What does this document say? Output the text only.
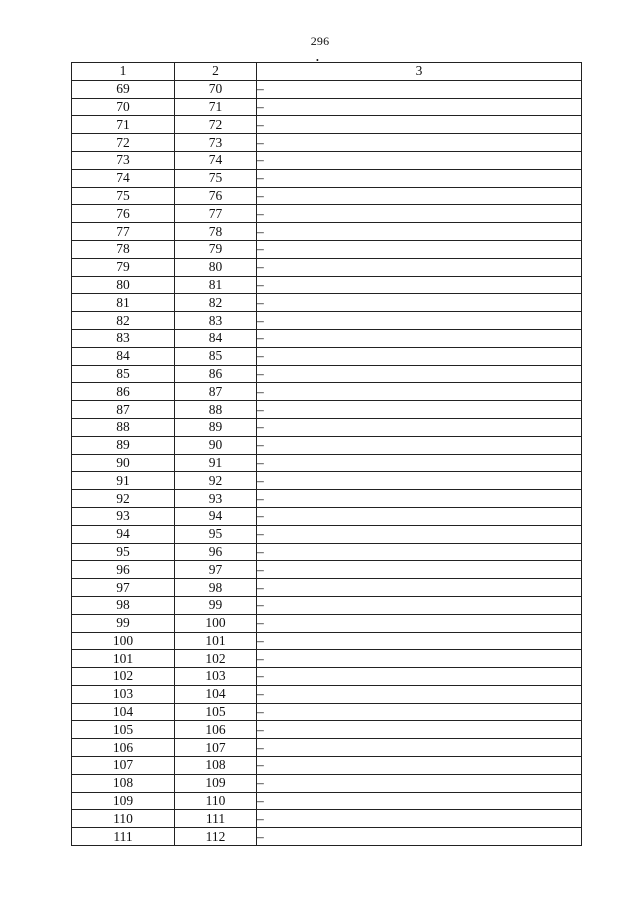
296
•
1	2	3
69	70	–
70	71	–
71	72	–
72	73	–
73	74	–
74	75	–
75	76	–
76	77	–
77	78	–
78	79	–
79	80	–
80	81	–
81	82	–
82	83	–
83	84	–
84	85	–
85	86	–
86	87	–
87	88	–
88	89	–
89	90	–
90	91	–
91	92	–
92	93	–
93	94	–
94	95	–
95	96	–
96	97	–
97	98	–
98	99	–
99	100	–
100	101	–
101	102	–
102	103	–
103	104	–
104	105	–
105	106	–
106	107	–
107	108	–
108	109	–
109	110	–
110	111	–
111	112	–
